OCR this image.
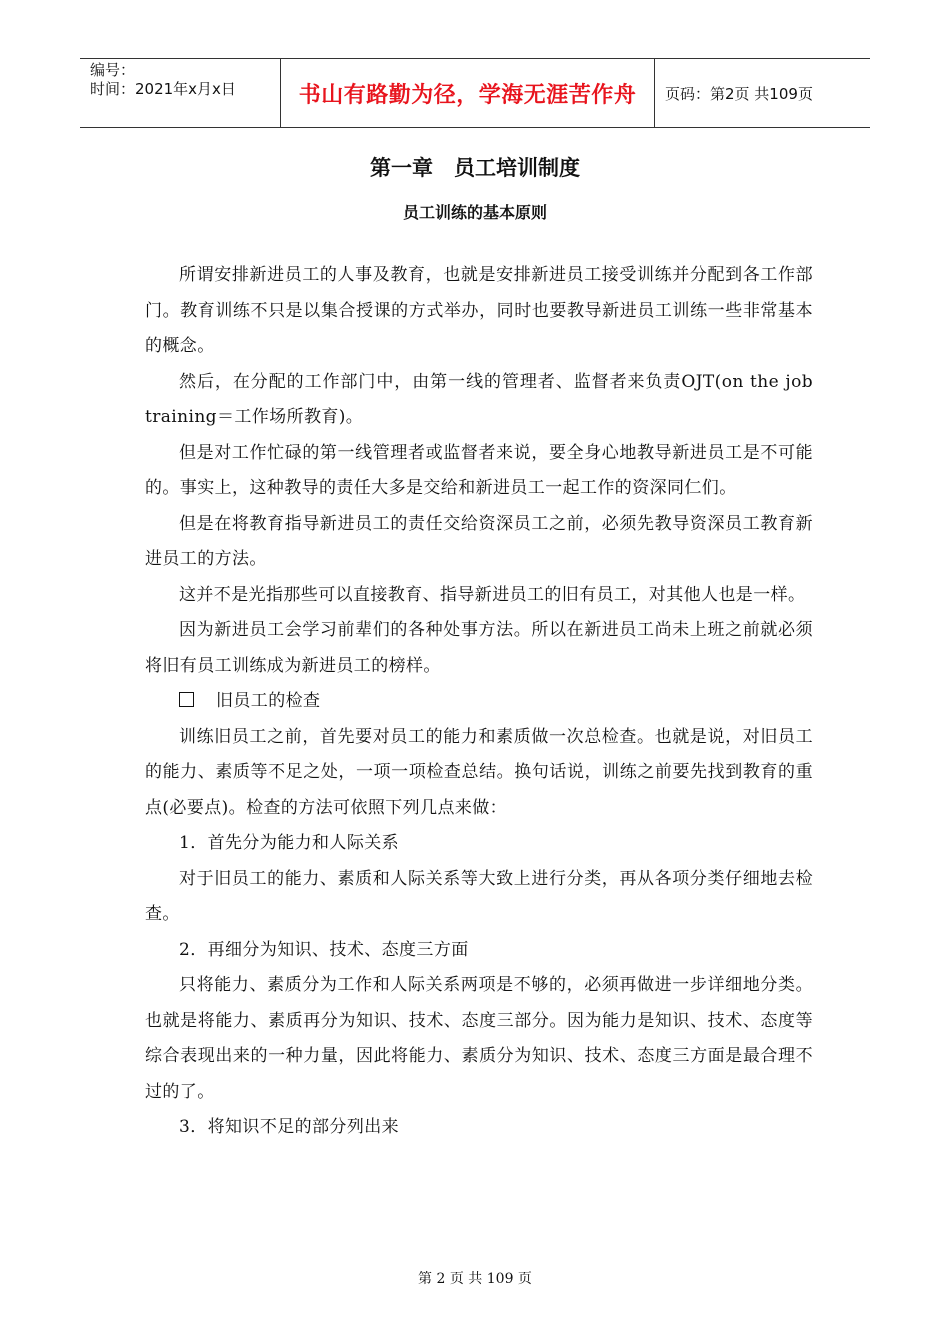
编号：
时间：2021年x月x日	书山有路勤为径，学海无涯苦作舟	页码：第2页 共109页
第一章　员工培训制度
员工训练的基本原则

所谓安排新进员工的人事及教育，也就是安排新进员工接受训练并分配到各工作部门。教育训练不只是以集合授课的方式举办，同时也要教导新进员工训练一些非常基本的概念。

然后，在分配的工作部门中，由第一线的管理者、监督者来负责OJT(on the job training＝工作场所教育)。

但是对工作忙碌的第一线管理者或监督者来说，要全身心地教导新进员工是不可能的。事实上，这种教导的责任大多是交给和新进员工一起工作的资深同仁们。

但是在将教育指导新进员工的责任交给资深员工之前，必须先教导资深员工教育新进员工的方法。

这并不是光指那些可以直接教育、指导新进员工的旧有员工，对其他人也是一样。

因为新进员工会学习前辈们的各种处事方法。所以在新进员工尚未上班之前就必须将旧有员工训练成为新进员工的榜样。

旧员工的检查

训练旧员工之前，首先要对员工的能力和素质做一次总检查。也就是说，对旧员工的能力、素质等不足之处，一项一项检查总结。换句话说，训练之前要先找到教育的重点(必要点)。检查的方法可依照下列几点来做：

1．首先分为能力和人际关系

对于旧员工的能力、素质和人际关系等大致上进行分类，再从各项分类仔细地去检查。

2．再细分为知识、技术、态度三方面

只将能力、素质分为工作和人际关系两项是不够的，必须再做进一步详细地分类。也就是将能力、素质再分为知识、技术、态度三部分。因为能力是知识、技术、态度等综合表现出来的一种力量，因此将能力、素质分为知识、技术、态度三方面是最合理不过的了。

3．将知识不足的部分列出来

第 2 页 共 109 页
